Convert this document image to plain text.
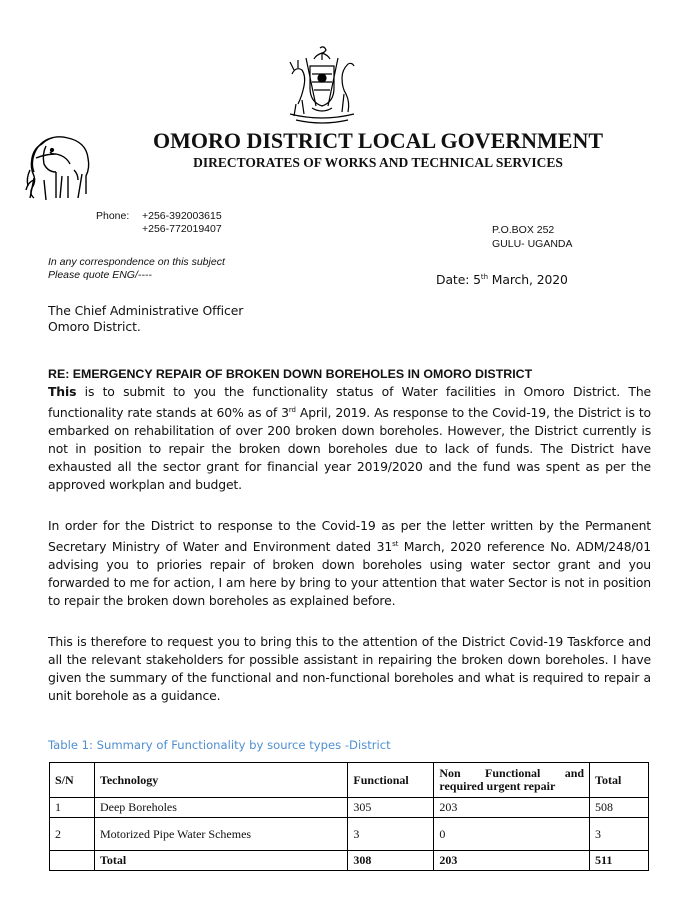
OMORO DISTRICT LOCAL GOVERNMENT
DIRECTORATES OF WORKS AND TECHNICAL SERVICES
Phone: +256-392003615
+256-772019407	P.O.BOX 252
GULU- UGANDA
In any correspondence on this subject
Please quote ENG/----	Date: 5th March, 2020
The Chief Administrative Officer
Omoro District.
RE: EMERGENCY REPAIR OF BROKEN DOWN BOREHOLES IN OMORO DISTRICT
This is to submit to you the functionality status of Water facilities in Omoro District. The functionality rate stands at 60% as of 3rd April, 2019. As response to the Covid-19, the District is to embarked on rehabilitation of over 200 broken down boreholes. However, the District currently is not in position to repair the broken down boreholes due to lack of funds. The District have exhausted all the sector grant for financial year 2019/2020 and the fund was spent as per the approved workplan and budget.
In order for the District to response to the Covid-19 as per the letter written by the Permanent Secretary Ministry of Water and Environment dated 31st March, 2020 reference No. ADM/248/01 advising you to priories repair of broken down boreholes using water sector grant and you forwarded to me for action, I am here by bring to your attention that water Sector is not in position to repair the broken down boreholes as explained before.
This is therefore to request you to bring this to the attention of the District Covid-19 Taskforce and all the relevant stakeholders for possible assistant in repairing the broken down boreholes. I have given the summary of the functional and non-functional boreholes and what is required to repair a unit borehole as a guidance.
Table 1: Summary of Functionality by source types -District
S/N	Technology	Functional	Non Functional and required urgent repair	Total
1	Deep Boreholes	305	203	508
2	Motorized Pipe Water Schemes	3	0	3
	Total	308	203	511
